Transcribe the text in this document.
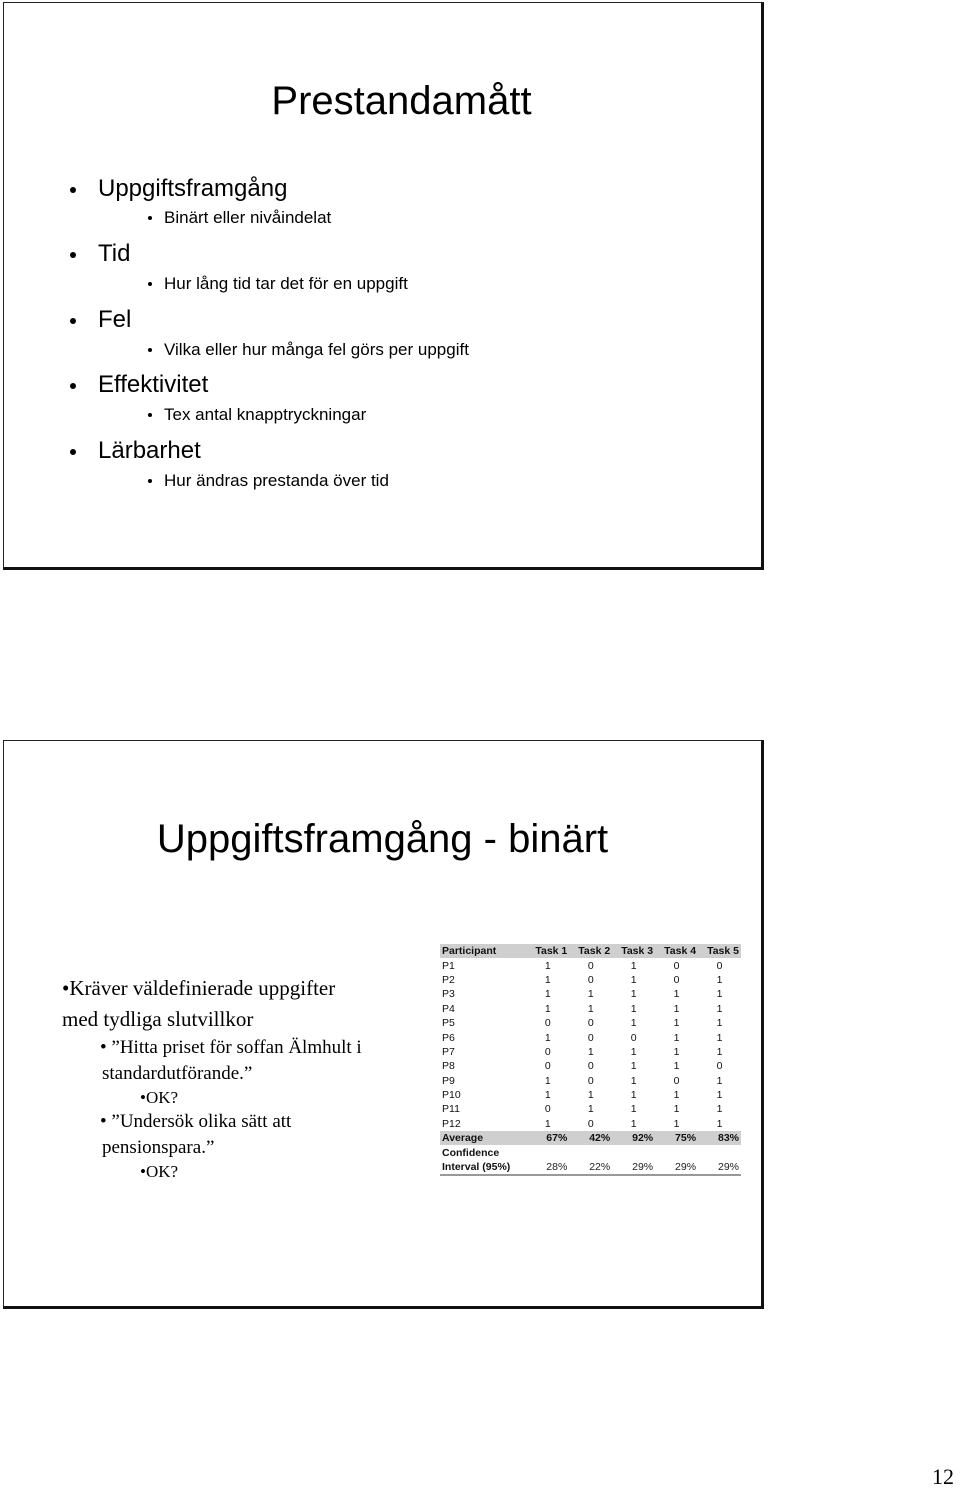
Prestandamått
Uppgiftsframgång
Binärt eller nivåindelat
Tid
Hur lång tid tar det för en uppgift
Fel
Vilka eller hur många fel görs per uppgift
Effektivitet
Tex antal knapptryckningar
Lärbarhet
Hur ändras prestanda över tid
Uppgiftsframgång - binärt
•Kräver väldefinierade uppgifter
med tydliga slutvillkor
• ”Hitta priset för soffan Älmhult i
standardutförande.”
•OK?
• ”Undersök olika sätt att
pensionspara.”
•OK?
Participant	Task 1	Task 2	Task 3	Task 4	Task 5
P1	1	0	1	0	0
P2	1	0	1	0	1
P3	1	1	1	1	1
P4	1	1	1	1	1
P5	0	0	1	1	1
P6	1	0	0	1	1
P7	0	1	1	1	1
P8	0	0	1	1	0
P9	1	0	1	0	1
P10	1	1	1	1	1
P11	0	1	1	1	1
P12	1	0	1	1	1
Average	67%	42%	92%	75%	83%
Confidence					
Interval (95%)	28%	22%	29%	29%	29%
12
